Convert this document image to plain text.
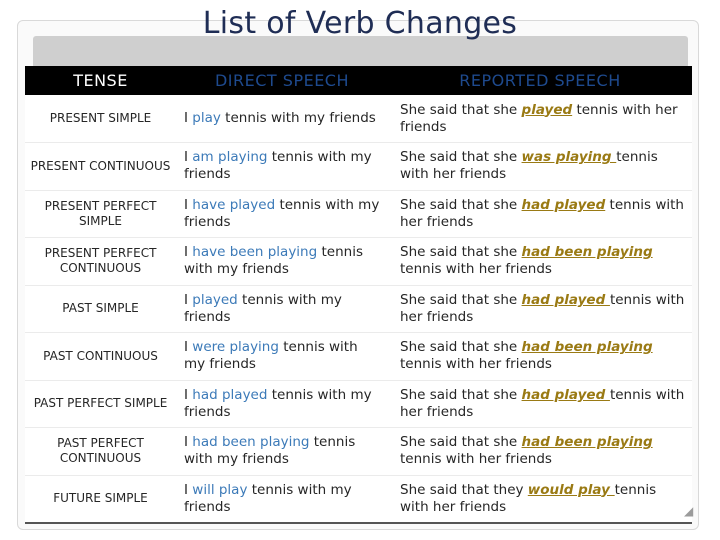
List of Verb Changes
TENSE	DIRECT SPEECH	REPORTED SPEECH
PRESENT SIMPLE	I play tennis with my friends	She said that she played tennis with her friends
PRESENT CONTINUOUS	I am playing tennis with my friends	She said that she was playing tennis with her friends
PRESENT PERFECT SIMPLE	I have played tennis with my friends	She said that she had played tennis with her friends
PRESENT PERFECT CONTINUOUS	I have been playing tennis with my friends	She said that she had been playing tennis with her friends
PAST SIMPLE	I played tennis with my friends	She said that she had played tennis with her friends
PAST CONTINUOUS	I were playing tennis with my friends	She said that she had been playing tennis with her friends
PAST PERFECT SIMPLE	I had played tennis with my friends	She said that she had played tennis with her friends
PAST PERFECT CONTINUOUS	I had been playing tennis with my friends	She said that she had been playing tennis with her friends
FUTURE SIMPLE	I will play tennis with my friends	She said that they would play tennis with her friends	◢
